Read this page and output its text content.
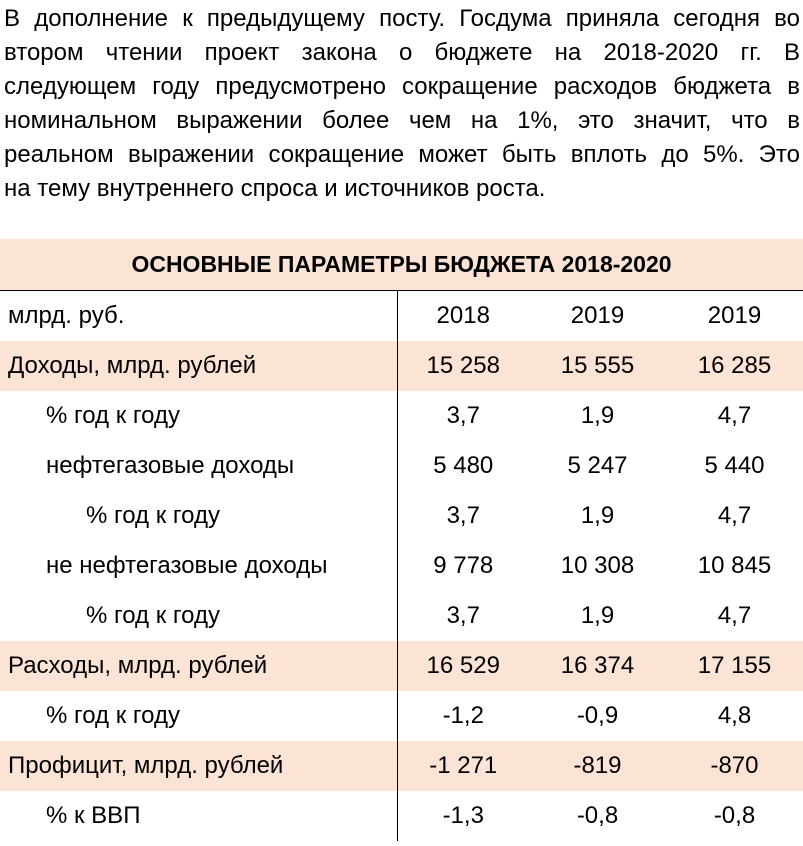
В дополнение к предыдущему посту. Госдума приняла сегодня во
втором чтении проект закона о бюджете на 2018-2020 гг. В
следующем году предусмотрено сокращение расходов бюджета в
номинальном выражении более чем на 1%, это значит, что в
реальном выражении сокращение может быть вплоть до 5%. Это
на тему внутреннего спроса и источников роста.
ОСНОВНЫЕ ПАРАМЕТРЫ БЮДЖЕТА 2018-2020			
млрд. руб.	2018	2019	2019
Доходы, млрд. рублей	15 258	15 555	16 285
% год к году	3,7	1,9	4,7
нефтегазовые доходы	5 480	5 247	5 440
% год к году	3,7	1,9	4,7
не нефтегазовые доходы	9 778	10 308	10 845
% год к году	3,7	1,9	4,7
Расходы, млрд. рублей	16 529	16 374	17 155
% год к году	-1,2	-0,9	4,8
Профицит, млрд. рублей	-1 271	-819	-870
% к ВВП	-1,3	-0,8	-0,8
